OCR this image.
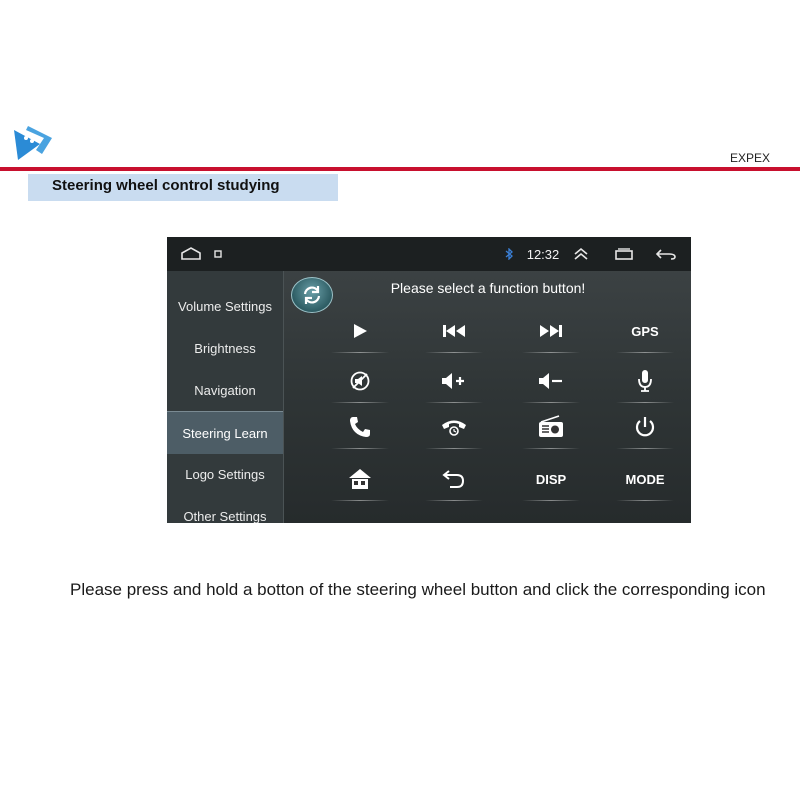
EXPEX
Steering wheel control studying
12:32
Volume Settings
Brightness
Navigation
Steering Learn
Logo Settings
Other Settings
Please select a function button!
GPS
DISP	MODE
Please press and hold a botton of the steering wheel button and click the corresponding icon
